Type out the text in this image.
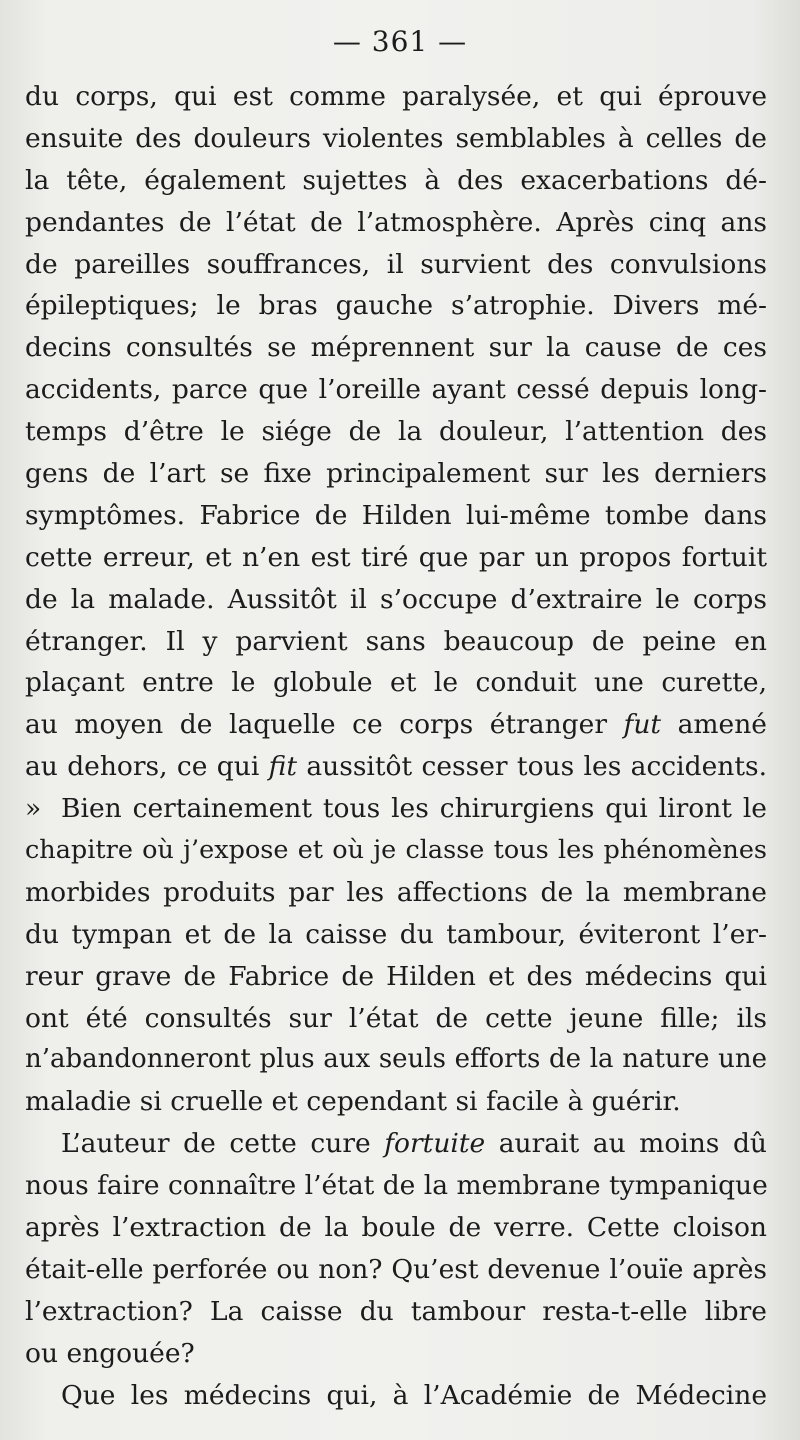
— 361 —
du corps, qui est comme paralysée, et qui éprouve
ensuite des douleurs violentes semblables à celles de
la tête, également sujettes à des exacerbations dé-
pendantes de l’état de l’atmosphère. Après cinq ans
de pareilles souffrances, il survient des convulsions
épileptiques; le bras gauche s’atrophie. Divers mé-
decins consultés se méprennent sur la cause de ces
accidents, parce que l’oreille ayant cessé depuis long-
temps d’être le siége de la douleur, l’attention des
gens de l’art se fixe principalement sur les derniers
symptômes. Fabrice de Hilden lui-même tombe dans
cette erreur, et n’en est tiré que par un propos fortuit
de la malade. Aussitôt il s’occupe d’extraire le corps
étranger. Il y parvient sans beaucoup de peine en
plaçant entre le globule et le conduit une curette,
au moyen de laquelle ce corps étranger fut amené
au dehors, ce qui fit aussitôt cesser tous les accidents. » Bien certainement tous les chirurgiens qui liront le
chapitre où j’expose et où je classe tous les phénomènes
morbides produits par les affections de la membrane
du tympan et de la caisse du tambour, éviteront l’er-
reur grave de Fabrice de Hilden et des médecins qui
ont été consultés sur l’état de cette jeune fille; ils
n’abandonneront plus aux seuls efforts de la nature une
maladie si cruelle et cependant si facile à guérir.
L’auteur de cette cure fortuite aurait au moins dû
nous faire connaître l’état de la membrane tympanique
après l’extraction de la boule de verre. Cette cloison
était-elle perforée ou non? Qu’est devenue l’ouïe après
l’extraction? La caisse du tambour resta-t-elle libre
ou engouée?
Que les médecins qui, à l’Académie de Médecine
